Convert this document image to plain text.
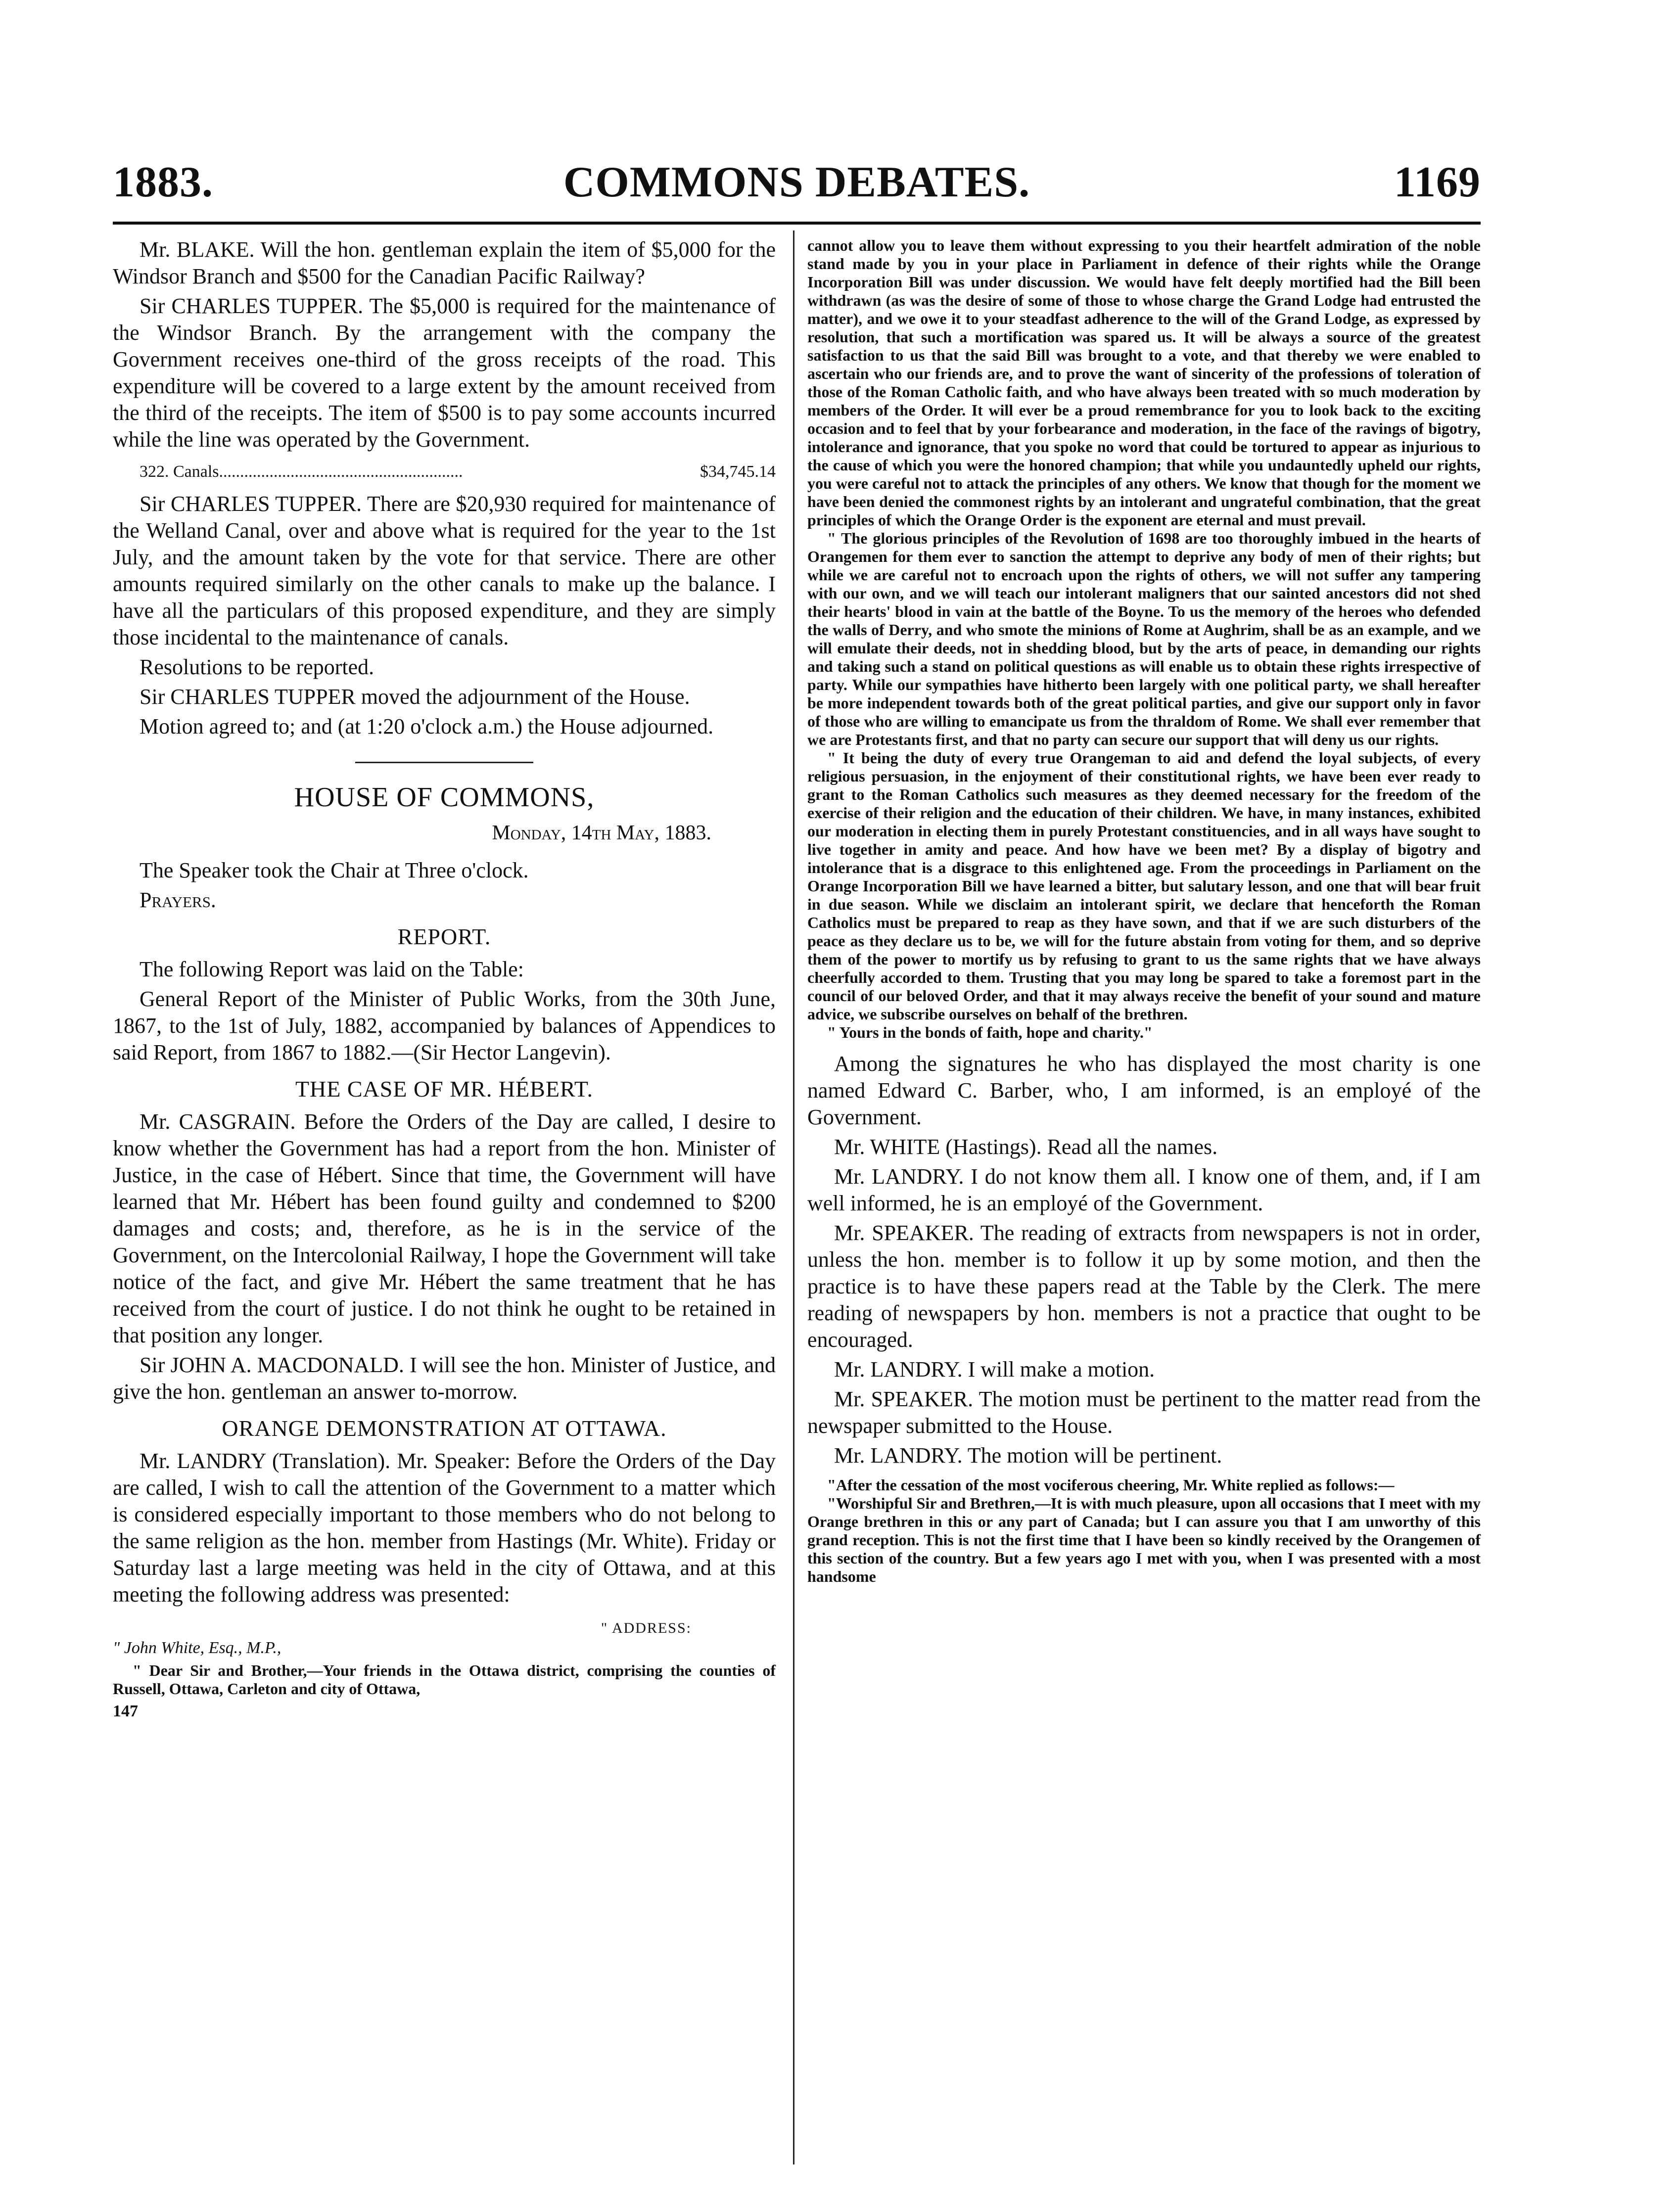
1883.	COMMONS DEBATES.	1169

Mr. BLAKE. Will the hon. gentleman explain the item of $5,000 for the Windsor Branch and $500 for the Canadian Pacific Railway?

Sir CHARLES TUPPER. The $5,000 is required for the maintenance of the Windsor Branch. By the arrangement with the company the Government receives one-third of the gross receipts of the road. This expenditure will be covered to a large extent by the amount received from the third of the receipts. The item of $500 is to pay some accounts incurred while the line was operated by the Government.

322. Canals..........................................................	$34,745.14

Sir CHARLES TUPPER. There are $20,930 required for maintenance of the Welland Canal, over and above what is required for the year to the 1st July, and the amount taken by the vote for that service. There are other amounts required similarly on the other canals to make up the balance. I have all the particulars of this proposed expenditure, and they are simply those incidental to the maintenance of canals.

Resolutions to be reported.

Sir CHARLES TUPPER moved the adjournment of the House.

Motion agreed to; and (at 1:20 o'clock a.m.) the House adjourned.

HOUSE OF COMMONS,
Monday, 14th May, 1883.

The Speaker took the Chair at Three o'clock.

Prayers.

REPORT.

The following Report was laid on the Table:

General Report of the Minister of Public Works, from the 30th June, 1867, to the 1st of July, 1882, accompanied by balances of Appendices to said Report, from 1867 to 1882.—(Sir Hector Langevin).

THE CASE OF MR. HÉBERT.

Mr. CASGRAIN. Before the Orders of the Day are called, I desire to know whether the Government has had a report from the hon. Minister of Justice, in the case of Hébert. Since that time, the Government will have learned that Mr. Hébert has been found guilty and condemned to $200 damages and costs; and, therefore, as he is in the service of the Government, on the Intercolonial Railway, I hope the Government will take notice of the fact, and give Mr. Hébert the same treatment that he has received from the court of justice. I do not think he ought to be retained in that position any longer.

Sir JOHN A. MACDONALD. I will see the hon. Minister of Justice, and give the hon. gentleman an answer to-morrow.

ORANGE DEMONSTRATION AT OTTAWA.

Mr. LANDRY (Translation). Mr. Speaker: Before the Orders of the Day are called, I wish to call the attention of the Government to a matter which is considered especially important to those members who do not belong to the same religion as the hon. member from Hastings (Mr. White). Friday or Saturday last a large meeting was held in the city of Ottawa, and at this meeting the following address was presented:

" ADDRESS:
" John White, Esq., M.P.,

" Dear Sir and Brother,—Your friends in the Ottawa district, comprising the counties of Russell, Ottawa, Carleton and city of Ottawa,

147

cannot allow you to leave them without expressing to you their heartfelt admiration of the noble stand made by you in your place in Parliament in defence of their rights while the Orange Incorporation Bill was under discussion. We would have felt deeply mortified had the Bill been withdrawn (as was the desire of some of those to whose charge the Grand Lodge had entrusted the matter), and we owe it to your steadfast adherence to the will of the Grand Lodge, as expressed by resolution, that such a mortification was spared us. It will be always a source of the greatest satisfaction to us that the said Bill was brought to a vote, and that thereby we were enabled to ascertain who our friends are, and to prove the want of sincerity of the professions of toleration of those of the Roman Catholic faith, and who have always been treated with so much moderation by members of the Order. It will ever be a proud remembrance for you to look back to the exciting occasion and to feel that by your forbearance and moderation, in the face of the ravings of bigotry, intolerance and ignorance, that you spoke no word that could be tortured to appear as injurious to the cause of which you were the honored champion; that while you undauntedly upheld our rights, you were careful not to attack the principles of any others. We know that though for the moment we have been denied the commonest rights by an intolerant and ungrateful combination, that the great principles of which the Orange Order is the exponent are eternal and must prevail.

" The glorious principles of the Revolution of 1698 are too thoroughly imbued in the hearts of Orangemen for them ever to sanction the attempt to deprive any body of men of their rights; but while we are careful not to encroach upon the rights of others, we will not suffer any tampering with our own, and we will teach our intolerant maligners that our sainted ancestors did not shed their hearts' blood in vain at the battle of the Boyne. To us the memory of the heroes who defended the walls of Derry, and who smote the minions of Rome at Aughrim, shall be as an example, and we will emulate their deeds, not in shedding blood, but by the arts of peace, in demanding our rights and taking such a stand on political questions as will enable us to obtain these rights irrespective of party. While our sympathies have hitherto been largely with one political party, we shall hereafter be more independent towards both of the great political parties, and give our support only in favor of those who are willing to emancipate us from the thraldom of Rome. We shall ever remember that we are Protestants first, and that no party can secure our support that will deny us our rights.

" It being the duty of every true Orangeman to aid and defend the loyal subjects, of every religious persuasion, in the enjoyment of their constitutional rights, we have been ever ready to grant to the Roman Catholics such measures as they deemed necessary for the freedom of the exercise of their religion and the education of their children. We have, in many instances, exhibited our moderation in electing them in purely Protestant constituencies, and in all ways have sought to live together in amity and peace. And how have we been met? By a display of bigotry and intolerance that is a disgrace to this enlightened age. From the proceedings in Parliament on the Orange Incorporation Bill we have learned a bitter, but salutary lesson, and one that will bear fruit in due season. While we disclaim an intolerant spirit, we declare that henceforth the Roman Catholics must be prepared to reap as they have sown, and that if we are such disturbers of the peace as they declare us to be, we will for the future abstain from voting for them, and so deprive them of the power to mortify us by refusing to grant to us the same rights that we have always cheerfully accorded to them. Trusting that you may long be spared to take a foremost part in the council of our beloved Order, and that it may always receive the benefit of your sound and mature advice, we subscribe ourselves on behalf of the brethren.

" Yours in the bonds of faith, hope and charity."

Among the signatures he who has displayed the most charity is one named Edward C. Barber, who, I am informed, is an employé of the Government.

Mr. WHITE (Hastings). Read all the names.

Mr. LANDRY. I do not know them all. I know one of them, and, if I am well informed, he is an employé of the Government.

Mr. SPEAKER. The reading of extracts from newspapers is not in order, unless the hon. member is to follow it up by some motion, and then the practice is to have these papers read at the Table by the Clerk. The mere reading of newspapers by hon. members is not a practice that ought to be encouraged.

Mr. LANDRY. I will make a motion.

Mr. SPEAKER. The motion must be pertinent to the matter read from the newspaper submitted to the House.

Mr. LANDRY. The motion will be pertinent.

"After the cessation of the most vociferous cheering, Mr. White replied as follows:—

"Worshipful Sir and Brethren,—It is with much pleasure, upon all occasions that I meet with my Orange brethren in this or any part of Canada; but I can assure you that I am unworthy of this grand reception. This is not the first time that I have been so kindly received by the Orangemen of this section of the country. But a few years ago I met with you, when I was presented with a most handsome
